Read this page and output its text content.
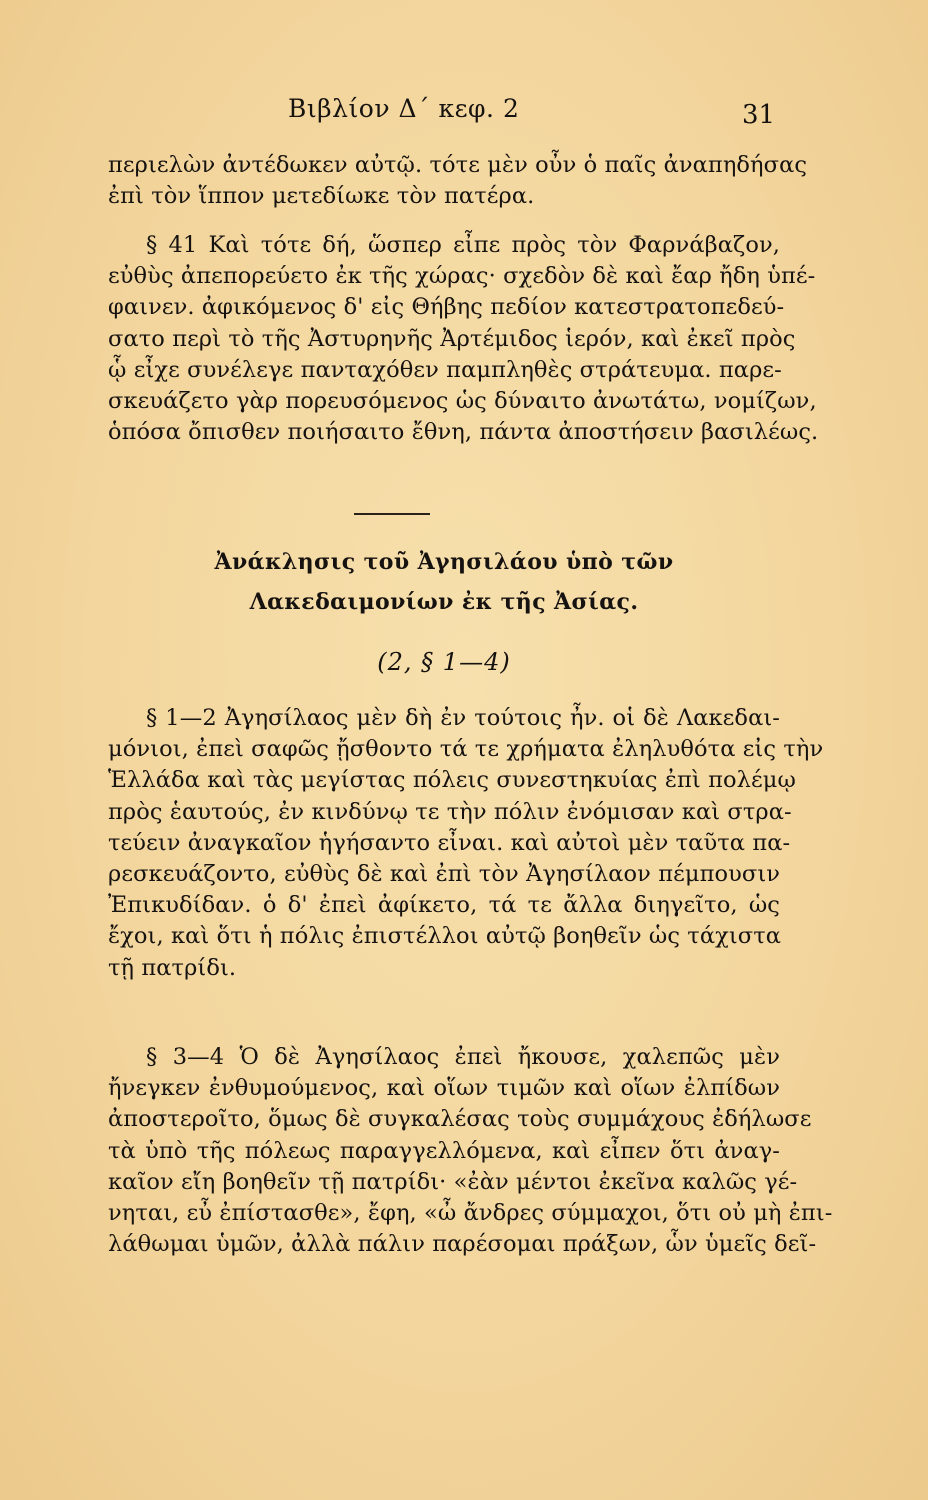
Βιβλίον Δ΄ κεφ. 2	31
περιελὼν ἀντέδωκεν αὐτῷ. τότε μὲν οὖν ὁ παῖς ἀναπηδήσας
ἐπὶ τὸν ἵππον μετεδίωκε τὸν πατέρα.
§ 41 Καὶ τότε δή, ὥσπερ εἶπε πρὸς τὸν Φαρνάβαζον,
εὐθὺς ἀπεπορεύετο ἐκ τῆς χώρας· σχεδὸν δὲ καὶ ἔαρ ἤδη ὑπέ-
φαινεν. ἀφικόμενος δ' εἰς Θήβης πεδίον κατεστρατοπεδεύ-
σατο περὶ τὸ τῆς Ἀστυρηνῆς Ἀρτέμιδος ἱερόν, καὶ ἐκεῖ πρὸς
ᾧ εἶχε συνέλεγε πανταχόθεν παμπληθὲς στράτευμα. παρε-
σκευάζετο γὰρ πορευσόμενος ὡς δύναιτο ἀνωτάτω, νομίζων,
ὁπόσα ὄπισθεν ποιήσαιτο ἔθνη, πάντα ἀποστήσειν βασιλέως.
Ἀνάκλησις τοῦ Ἀγησιλάου ὑπὸ τῶν
Λακεδαιμονίων ἐκ τῆς Ἀσίας.
(2, § 1—4)
§ 1—2 Ἀγησίλαος μὲν δὴ ἐν τούτοις ἦν. οἱ δὲ Λακεδαι-
μόνιοι, ἐπεὶ σαφῶς ᾔσθοντο τά τε χρήματα ἐληλυθότα εἰς τὴν
Ἑλλάδα καὶ τὰς μεγίστας πόλεις συνεστηκυίας ἐπὶ πολέμῳ
πρὸς ἑαυτούς, ἐν κινδύνῳ τε τὴν πόλιν ἐνόμισαν καὶ στρα-
τεύειν ἀναγκαῖον ἡγήσαντο εἶναι. καὶ αὐτοὶ μὲν ταῦτα πα-
ρεσκευάζοντο, εὐθὺς δὲ καὶ ἐπὶ τὸν Ἀγησίλαον πέμπουσιν
Ἐπικυδίδαν. ὁ δ' ἐπεὶ ἀφίκετο, τά τε ἄλλα διηγεῖτο, ὡς
ἔχοι, καὶ ὅτι ἡ πόλις ἐπιστέλλοι αὐτῷ βοηθεῖν ὡς τάχιστα
τῇ πατρίδι.
§ 3—4 Ὁ δὲ Ἀγησίλαος ἐπεὶ ἤκουσε, χαλεπῶς μὲν
ἤνεγκεν ἐνθυμούμενος, καὶ οἵων τιμῶν καὶ οἵων ἐλπίδων
ἀποστεροῖτο, ὅμως δὲ συγκαλέσας τοὺς συμμάχους ἐδήλωσε
τὰ ὑπὸ τῆς πόλεως παραγγελλόμενα, καὶ εἶπεν ὅτι ἀναγ-
καῖον εἴη βοηθεῖν τῇ πατρίδι· «ἐὰν μέντοι ἐκεῖνα καλῶς γέ-
νηται, εὖ ἐπίστασθε», ἔφη, «ὦ ἄνδρες σύμμαχοι, ὅτι οὐ μὴ ἐπι-
λάθωμαι ὑμῶν, ἀλλὰ πάλιν παρέσομαι πράξων, ὧν ὑμεῖς δεῖ-
